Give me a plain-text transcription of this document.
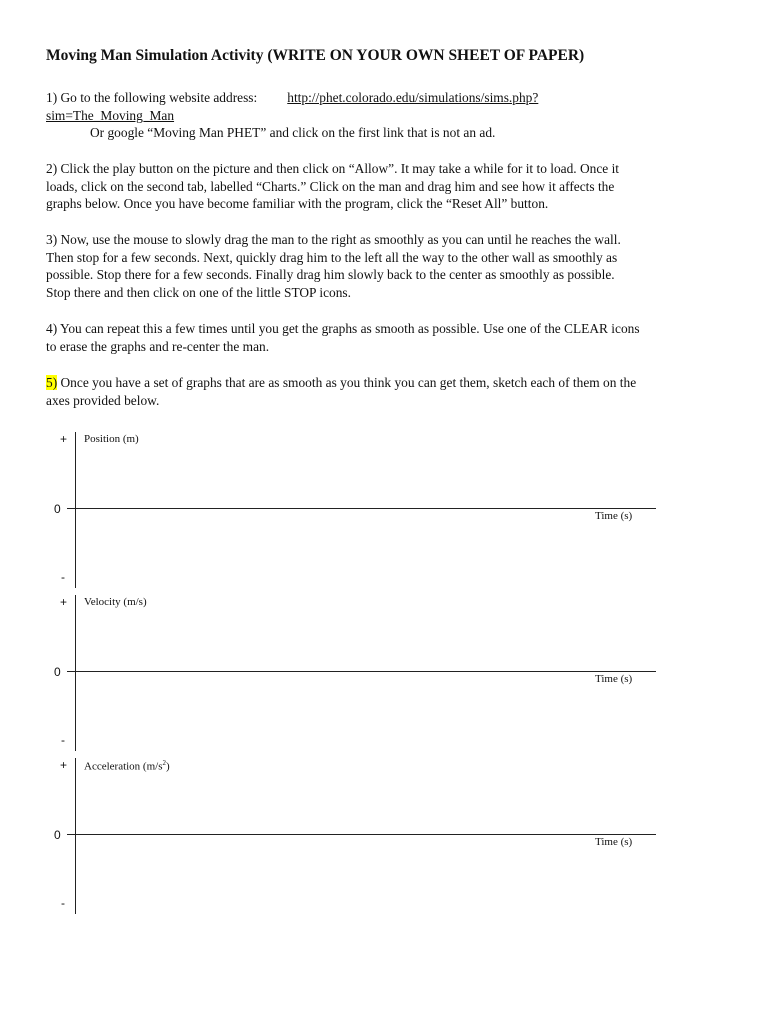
Moving Man Simulation Activity (WRITE ON YOUR OWN SHEET OF PAPER)
1) Go to the following website address: http://phet.colorado.edu/simulations/sims.php?
sim=The_Moving_Man
Or google “Moving Man PHET” and click on the first link that is not an ad.
2) Click the play button on the picture and then click on “Allow”. It may take a while for it to load. Once it
loads, click on the second tab, labelled “Charts.” Click on the man and drag him and see how it affects the
graphs below. Once you have become familiar with the program, click the “Reset All” button.
3) Now, use the mouse to slowly drag the man to the right as smoothly as you can until he reaches the wall.
Then stop for a few seconds. Next, quickly drag him to the left all the way to the other wall as smoothly as
possible. Stop there for a few seconds. Finally drag him slowly back to the center as smoothly as possible.
Stop there and then click on one of the little STOP icons.
4) You can repeat this a few times until you get the graphs as smooth as possible. Use one of the CLEAR icons
to erase the graphs and re-center the man.
5) Once you have a set of graphs that are as smooth as you think you can get them, sketch each of them on the
axes provided below.
+
0
-
Position (m)
Time (s)
+
0
-
Velocity (m/s)
Time (s)
+
0
-
Acceleration $(m/s^2)$
Time (s)
